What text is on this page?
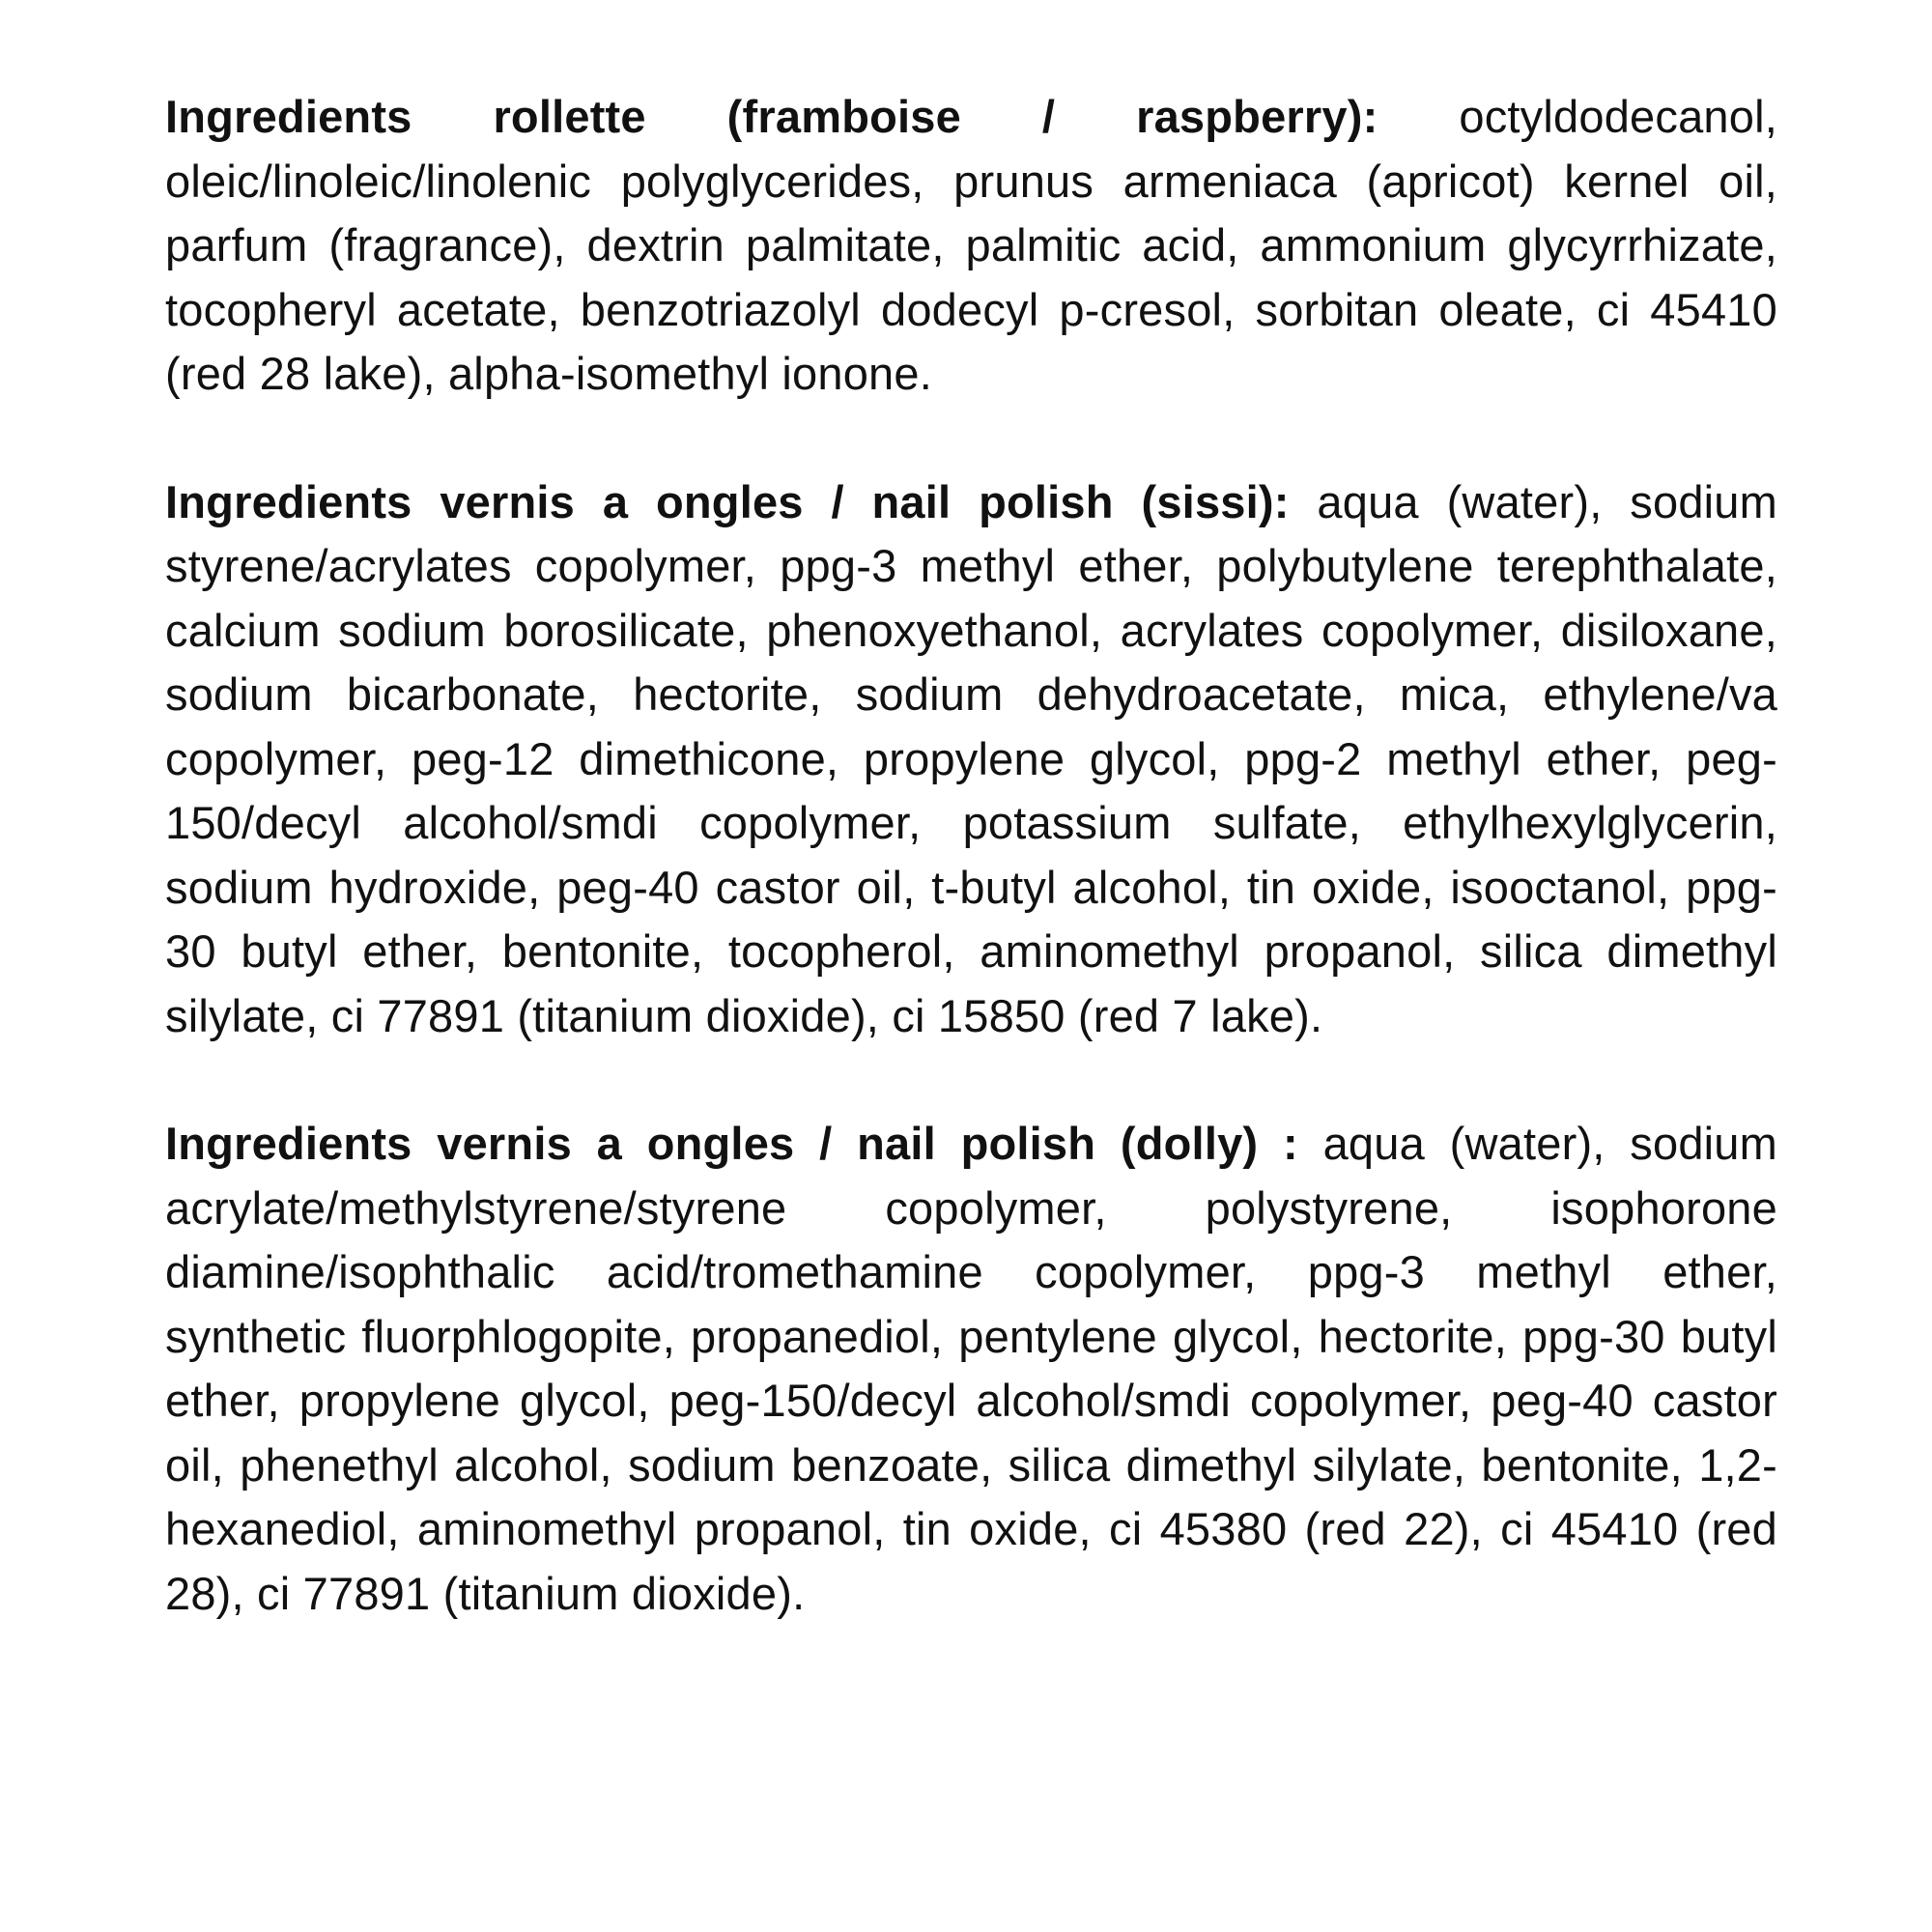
Ingredients rollette (framboise / raspberry): octyldodecanol, oleic/linoleic/linolenic polyglycerides, prunus armeniaca (apricot) kernel oil, parfum (fragrance), dextrin palmitate, palmitic acid, ammonium glycyrrhizate, tocopheryl acetate, benzotriazolyl dodecyl p-cresol, sorbitan oleate, ci 45410 (red 28 lake), alpha-isomethyl ionone.

Ingredients vernis a ongles / nail polish (sissi): aqua (water), sodium styrene/acrylates copolymer, ppg-3 methyl ether, polybutylene terephthalate, calcium sodium borosilicate, phenoxyethanol, acrylates copolymer, disiloxane, sodium bicarbonate, hectorite, sodium dehydroacetate, mica, ethylene/va copolymer, peg-12 dimethicone, propylene glycol, ppg-2 methyl ether, peg-150/decyl alcohol/smdi copolymer, potassium sulfate, ethylhexylglycerin, sodium hydroxide, peg-40 castor oil, t-butyl alcohol, tin oxide, isooctanol, ppg-30 butyl ether, bentonite, tocopherol, aminomethyl propanol, silica dimethyl silylate, ci 77891 (titanium dioxide), ci 15850 (red 7 lake).

Ingredients vernis a ongles / nail polish (dolly) : aqua (water), sodium acrylate/methylstyrene/styrene copolymer, polystyrene, isophorone diamine/isophthalic acid/tromethamine copolymer, ppg-3 methyl ether, synthetic fluorphlogopite, propanediol, pentylene glycol, hectorite, ppg-30 butyl ether, propylene glycol, peg-150/decyl alcohol/smdi copolymer, peg-40 castor oil, phenethyl alcohol, sodium benzoate, silica dimethyl silylate, bentonite, 1,2-hexanediol, aminomethyl propanol, tin oxide, ci 45380 (red 22), ci 45410 (red 28), ci 77891 (titanium dioxide).
